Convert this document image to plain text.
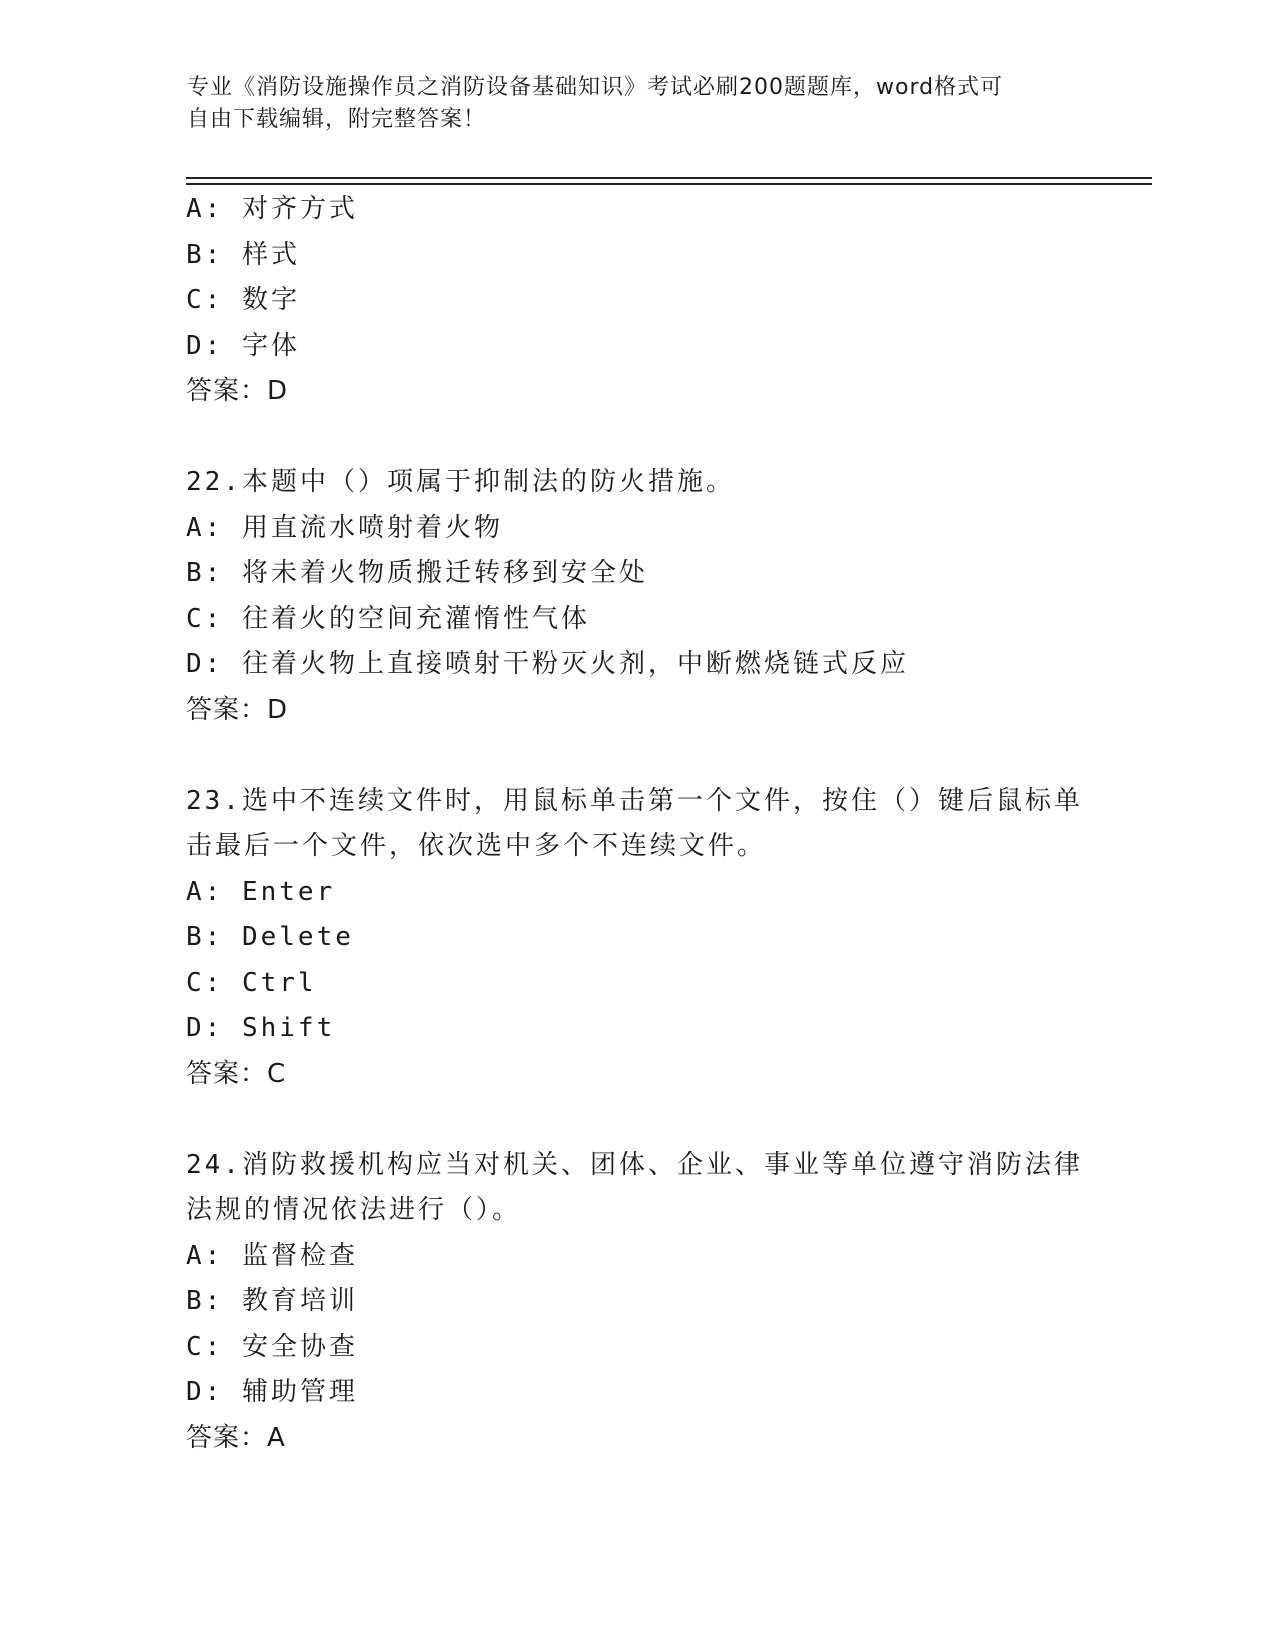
专业《消防设施操作员之消防设备基础知识》考试必刷200题题库，word格式可
自由下载编辑，附完整答案！
A: 对齐方式
B: 样式
C: 数字
D: 字体
答案：D
22.本题中（）项属于抑制法的防火措施。
A: 用直流水喷射着火物
B: 将未着火物质搬迁转移到安全处
C: 往着火的空间充灌惰性气体
D: 往着火物上直接喷射干粉灭火剂，中断燃烧链式反应
答案：D
23.选中不连续文件时，用鼠标单击第一个文件，按住（）键后鼠标单
击最后一个文件，依次选中多个不连续文件。
A: Enter
B: Delete
C: Ctrl
D: Shift
答案：C
24.消防救援机构应当对机关、团体、企业、事业等单位遵守消防法律
法规的情况依法进行（）。
A: 监督检查
B: 教育培训
C: 安全协查
D: 辅助管理
答案：A
